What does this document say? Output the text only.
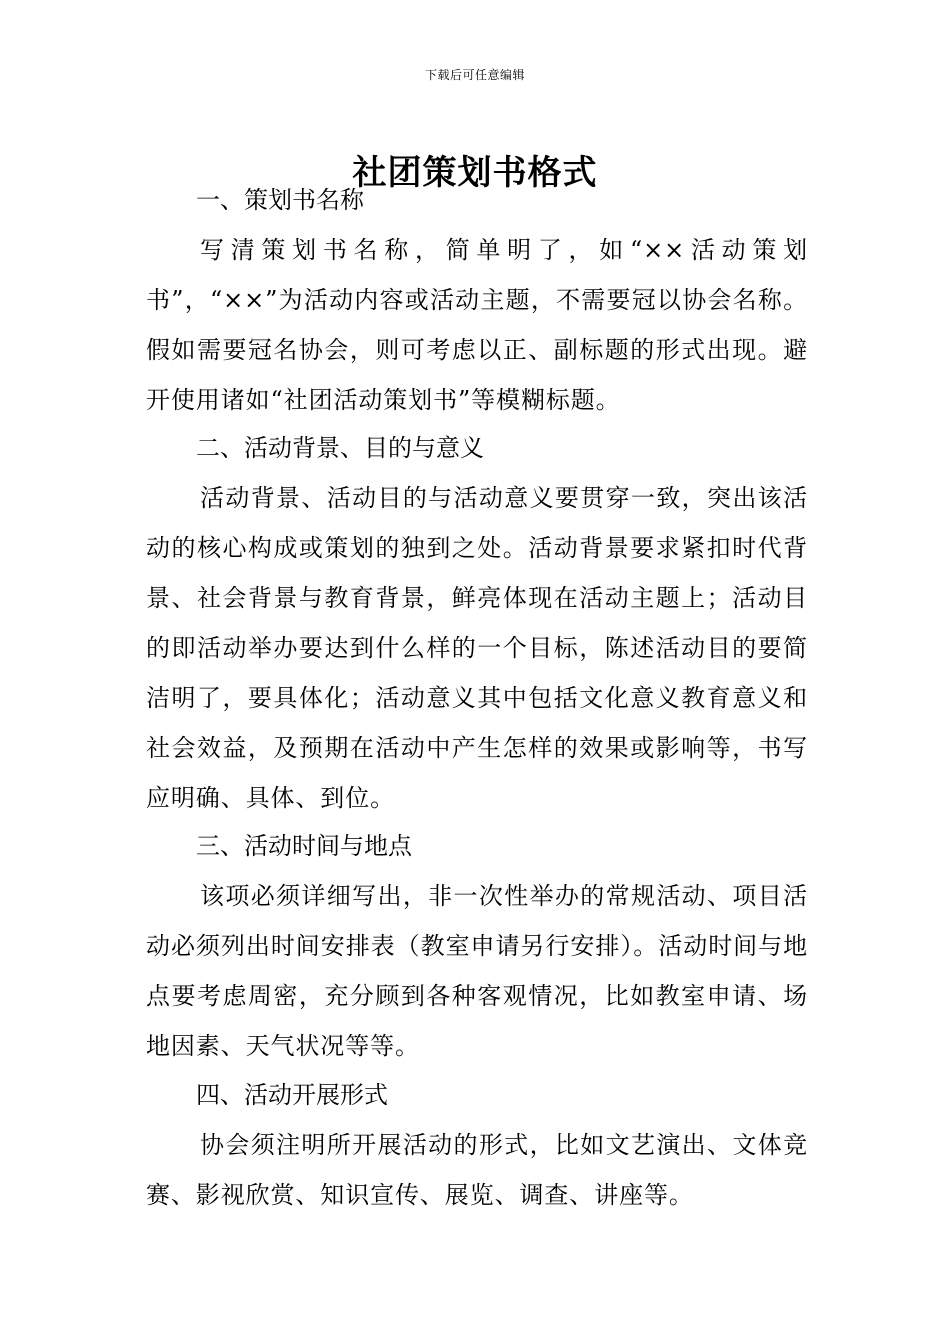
下载后可任意编辑
社团策划书格式
一、策划书名称

写清策划书名称，简单明了，如“××活动策划书”，“××”为活动内容或活动主题，不需要冠以协会名称。假如需要冠名协会，则可考虑以正、副标题的形式出现。避开使用诸如“社团活动策划书”等模糊标题。

二、活动背景、目的与意义

活动背景、活动目的与活动意义要贯穿一致，突出该活动的核心构成或策划的独到之处。活动背景要求紧扣时代背景、社会背景与教育背景，鲜亮体现在活动主题上；活动目的即活动举办要达到什么样的一个目标，陈述活动目的要简洁明了，要具体化；活动意义其中包括文化意义教育意义和社会效益，及预期在活动中产生怎样的效果或影响等，书写应明确、具体、到位。

三、活动时间与地点

该项必须详细写出，非一次性举办的常规活动、项目活动必须列出时间安排表（教室申请另行安排）。活动时间与地点要考虑周密，充分顾到各种客观情况，比如教室申请、场地因素、天气状况等等。

四、活动开展形式

协会须注明所开展活动的形式，比如文艺演出、文体竞赛、影视欣赏、知识宣传、展览、调查、讲座等。
